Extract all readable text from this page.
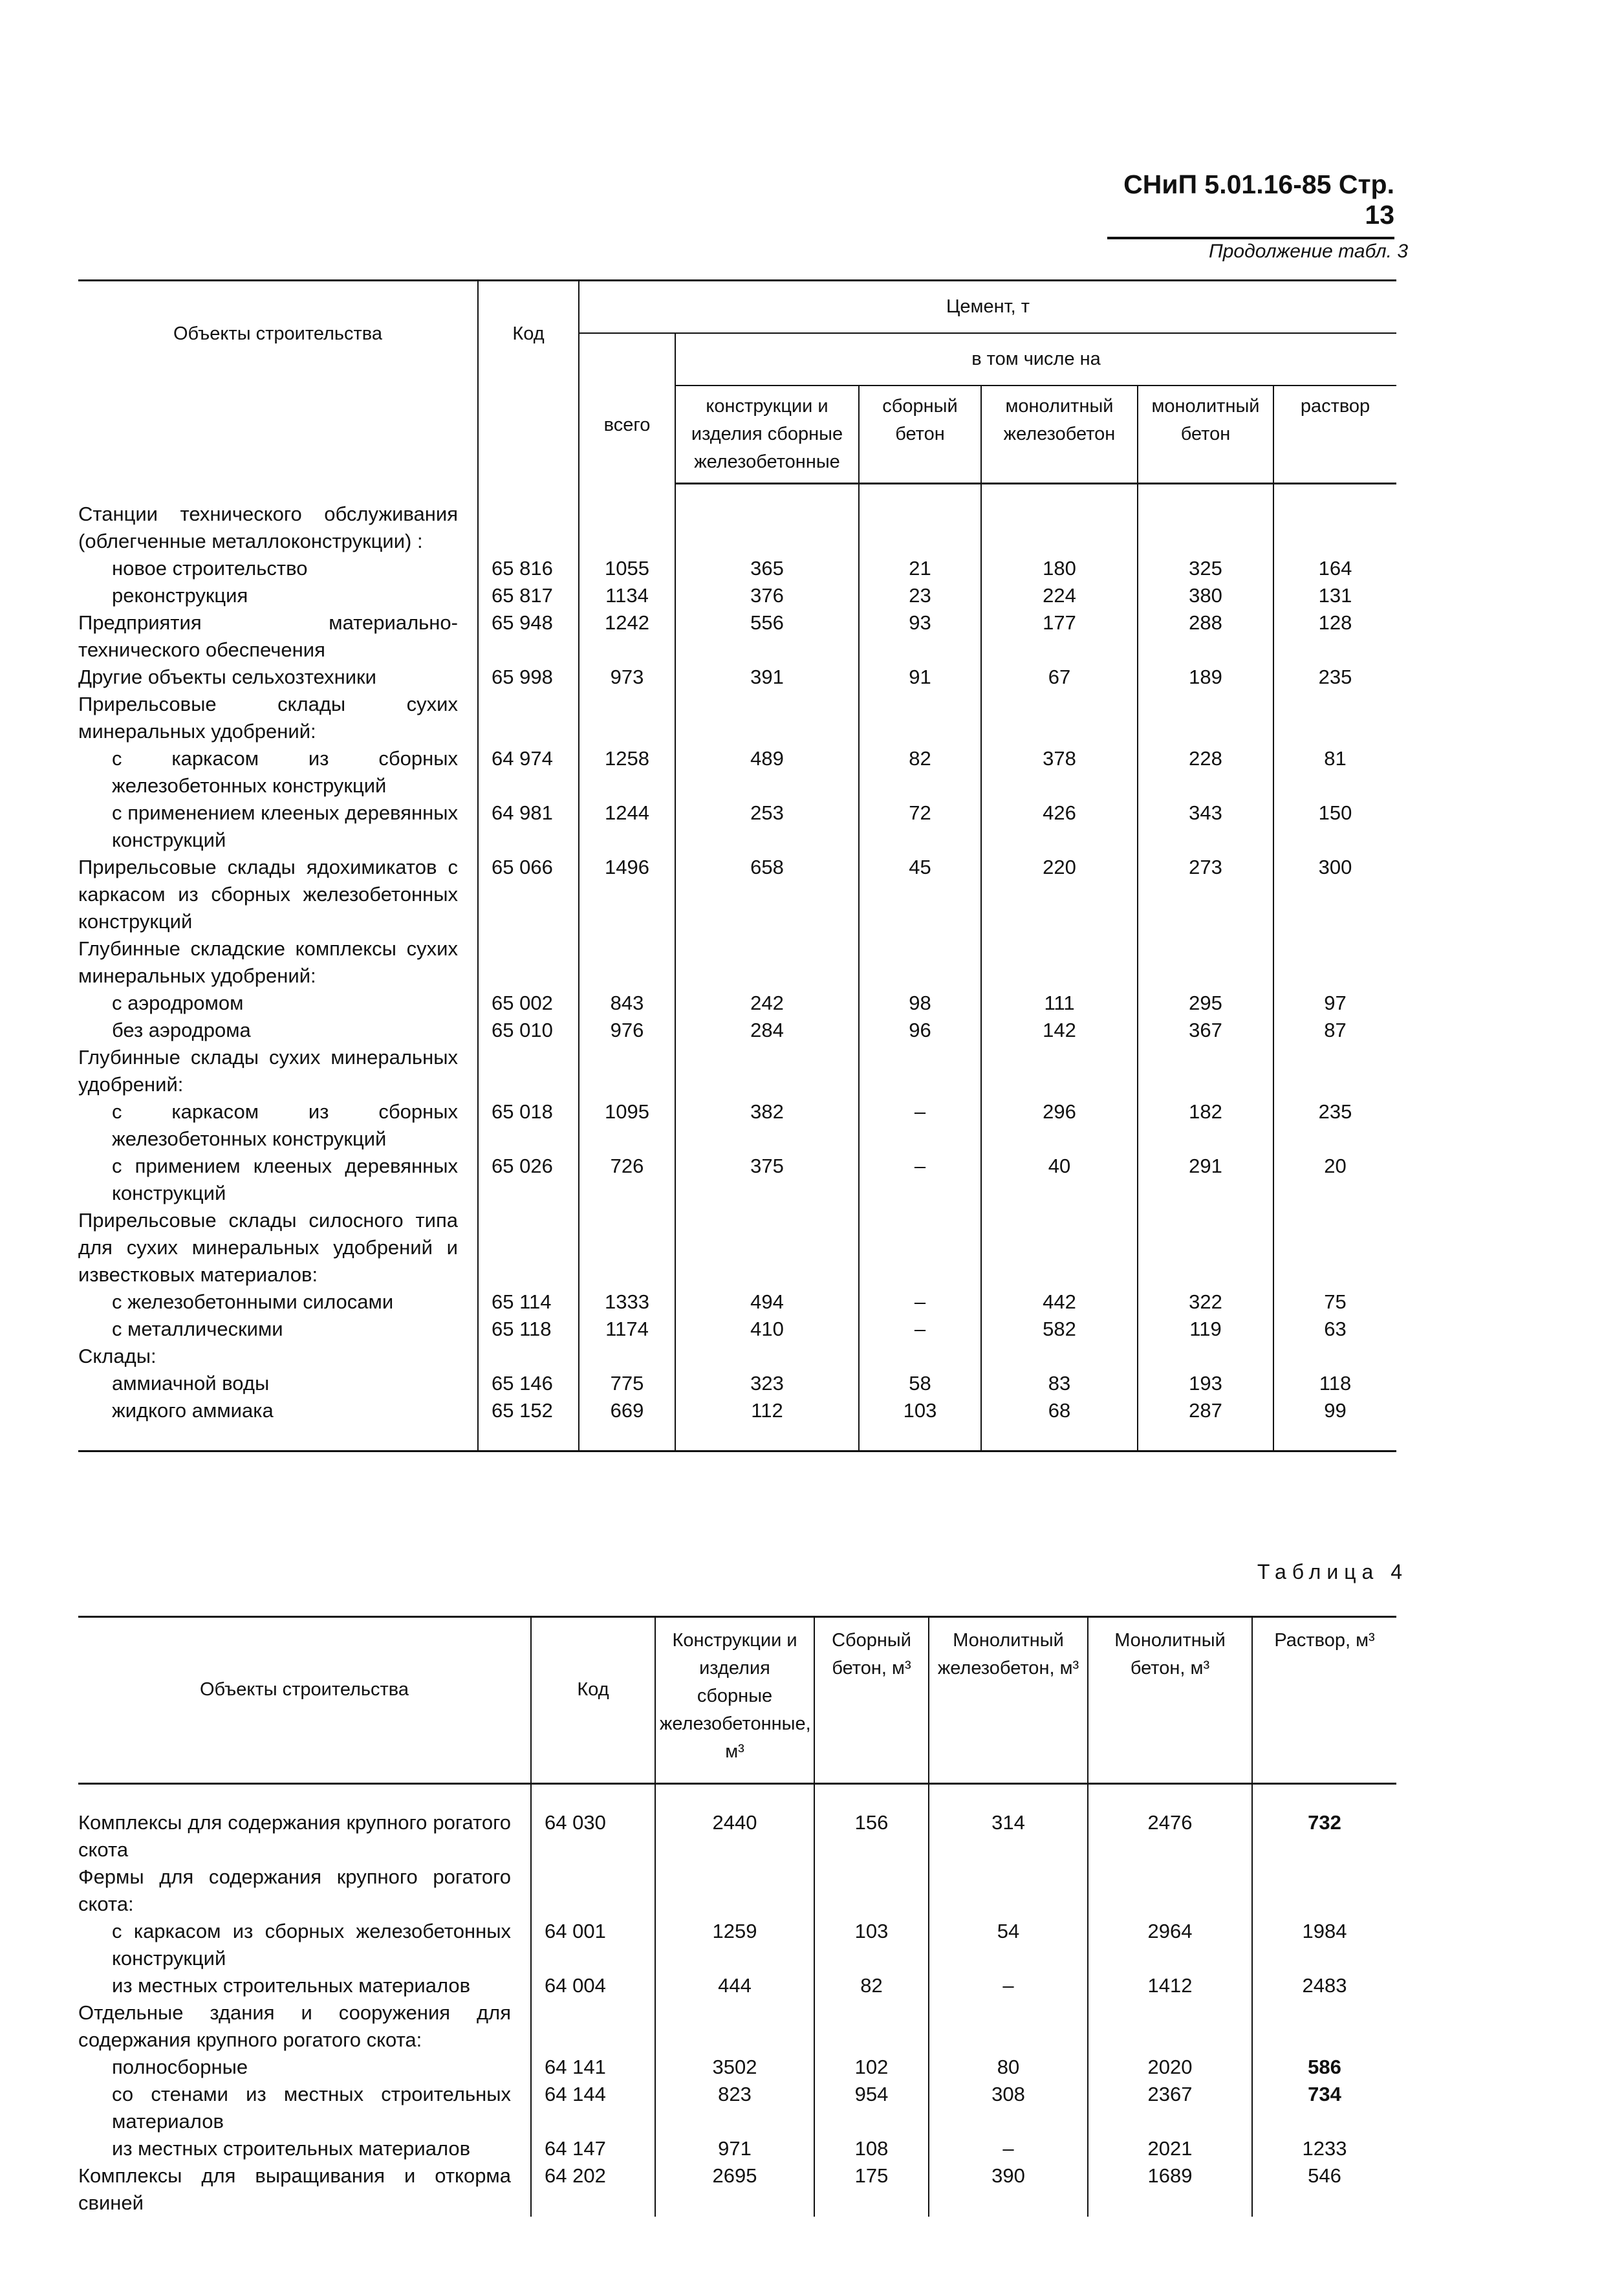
СНиП 5.01.16-85 Стр. 13
Продолжение табл. 3
Объекты строительства	Код	Цемент, т					
		всего	в том числе на				
			конструкции и изделия сборные железобетонные	сборный бетон	монолитный железобетон	монолитный бетон	раствор
Станции технического обслуживания (облегченные металлоконструкции) :							
новое строительство	65 816	1055	365	21	180	325	164
реконструкция	65 817	1134	376	23	224	380	131
Предприятия материально-технического обеспечения	65 948	1242	556	93	177	288	128
Другие объекты сельхозтехники	65 998	973	391	91	67	189	235
Прирельсовые склады сухих минеральных удобрений:							
с каркасом из сборных железобетонных конструкций	64 974	1258	489	82	378	228	81
с применением клееных деревянных конструкций	64 981	1244	253	72	426	343	150
Прирельсовые склады ядохимикатов с каркасом из сборных железобетонных конструкций	65 066	1496	658	45	220	273	300
Глубинные складские комплексы сухих минеральных удобрений:							
с аэродромом	65 002	843	242	98	111	295	97
без аэродрома	65 010	976	284	96	142	367	87
Глубинные склады сухих минеральных удобрений:							
с каркасом из сборных железобетонных конструкций	65 018	1095	382	–	296	182	235
с примением клееных деревянных конструкций	65 026	726	375	–	40	291	20
Прирельсовые склады силосного типа для сухих минеральных удобрений и известковых материалов:							
с железобетонными силосами	65 114	1333	494	–	442	322	75
с металлическими	65 118	1174	410	–	582	119	63
Склады:							
аммиачной воды	65 146	775	323	58	83	193	118
жидкого аммиака	65 152	669	112	103	68	287	99
Таблица 4
Объекты строительства	Код	Конструкции и изделия сборные железобетонные, м³	Сборный бетон, м³	Монолитный железобетон, м³	Монолитный бетон, м³	Раствор, м³
Комплексы для содержания крупного рогатого скота	64 030	2440	156	314	2476	732
Фермы для содержания крупного рогатого скота:						
с каркасом из сборных железобетонных конструкций	64 001	1259	103	54	2964	1984
из местных строительных материалов	64 004	444	82	–	1412	2483
Отдельные здания и сооружения для содержания крупного рогатого скота:						
полносборные	64 141	3502	102	80	2020	586
со стенами из местных строительных материалов	64 144	823	954	308	2367	734
из местных строительных материалов	64 147	971	108	–	2021	1233
Комплексы для выращивания и откорма свиней	64 202	2695	175	390	1689	546
